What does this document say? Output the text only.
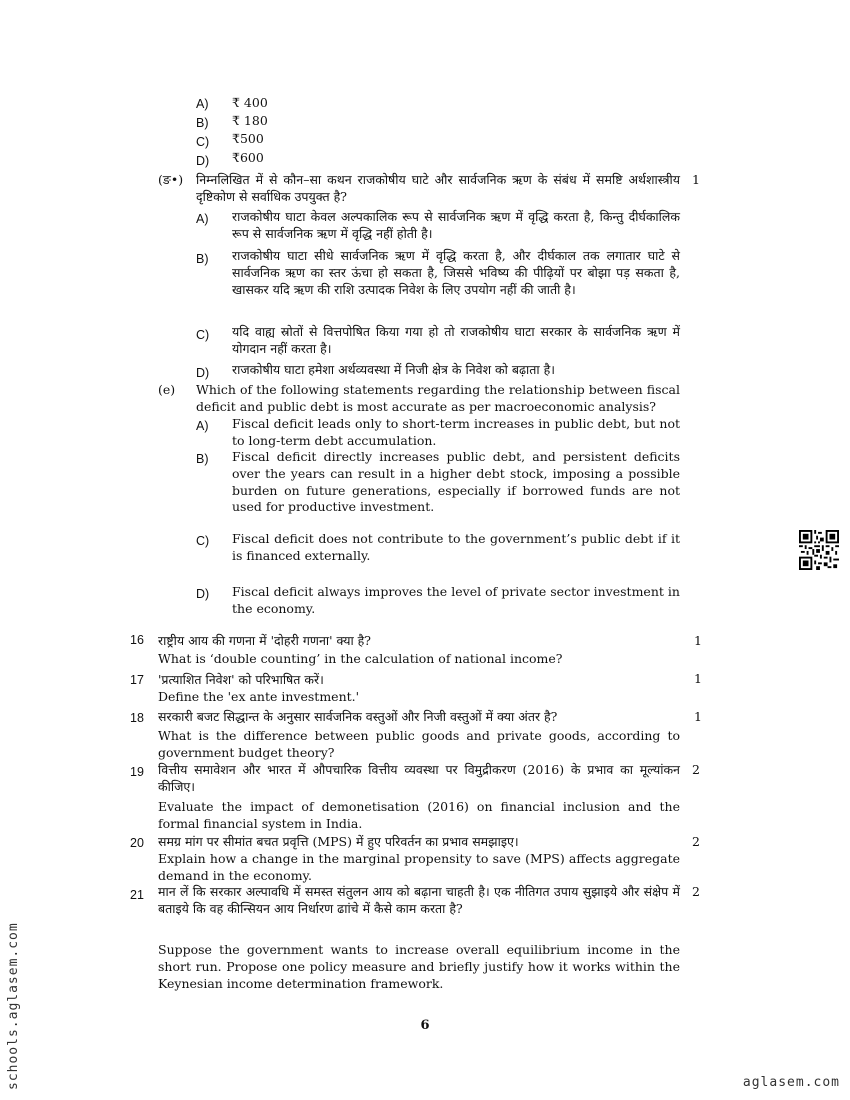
A) ₹ 400
B) ₹ 180
C) ₹500
D) ₹600
(ङ•) निम्नलिखित में से कौन–सा कथन राजकोषीय घाटे और सार्वजनिक ऋण के संबंध में समष्टि अर्थशास्त्रीय दृष्टिकोण से सर्वाधिक उपयुक्त है?
1
A) राजकोषीय घाटा केवल अल्पकालिक रूप से सार्वजनिक ऋण में वृद्धि करता है, किन्तु दीर्घकालिक रूप से सार्वजनिक ऋण में वृद्धि नहीं होती है।
B) राजकोषीय घाटा सीधे सार्वजनिक ऋण में वृद्धि करता है, और दीर्घकाल तक लगातार घाटे से सार्वजनिक ऋण का स्तर ऊंचा हो सकता है, जिससे भविष्य की पीढ़ियों पर बोझा पड़ सकता है, खासकर यदि ऋण की राशि उत्पादक निवेश के लिए उपयोग नहीं की जाती है।
C) यदि वाह्य स्रोतों से वित्तपोषित किया गया हो तो राजकोषीय घाटा सरकार के सार्वजनिक ऋण में योगदान नहीं करता है।
D) राजकोषीय घाटा हमेशा अर्थव्यवस्था में निजी क्षेत्र के निवेश को बढ़ाता है।
(e) Which of the following statements regarding the relationship between fiscal deficit and public debt is most accurate as per macroeconomic analysis?
A) Fiscal deficit leads only to short-term increases in public debt, but not to long-term debt accumulation.
B) Fiscal deficit directly increases public debt, and persistent deficits over the years can result in a higher debt stock, imposing a possible burden on future generations, especially if borrowed funds are not used for productive investment.
C) Fiscal deficit does not contribute to the government’s public debt if it is financed externally.
D) Fiscal deficit always improves the level of private sector investment in the economy.
16 राष्ट्रीय आय की गणना में 'दोहरी गणना' क्या है?
What is ‘double counting’ in the calculation of national income?
1
17 'प्रत्याशित निवेश' को परिभाषित करें।
Define the 'ex ante investment.'
1
18 सरकारी बजट सिद्धान्त के अनुसार सार्वजनिक वस्तुओं और निजी वस्तुओं में क्या अंतर है?
What is the difference between public goods and private goods, according to government budget theory?
1
19 वित्तीय समावेशन और भारत में औपचारिक वित्तीय व्यवस्था पर विमुद्रीकरण (2016) के प्रभाव का मूल्यांकन कीजिए।
Evaluate the impact of demonetisation (2016) on financial inclusion and the formal financial system in India.
2
20 समग्र मांग पर सीमांत बचत प्रवृत्ति (MPS) में हुए परिवर्तन का प्रभाव समझाइए।
Explain how a change in the marginal propensity to save (MPS) affects aggregate demand in the economy.
2
21 मान लें कि सरकार अल्पावधि में समस्त संतुलन आय को बढ़ाना चाहती है। एक नीतिगत उपाय सुझाइये और संक्षेप में बताइये कि वह कीन्सियन आय निर्धारण ढाांचे में कैसे काम करता है?
Suppose the government wants to increase overall equilibrium income in the short run. Propose one policy measure and briefly justify how it works within the Keynesian income determination framework.
2
6
schools.aglasem.com	aglasem.com
